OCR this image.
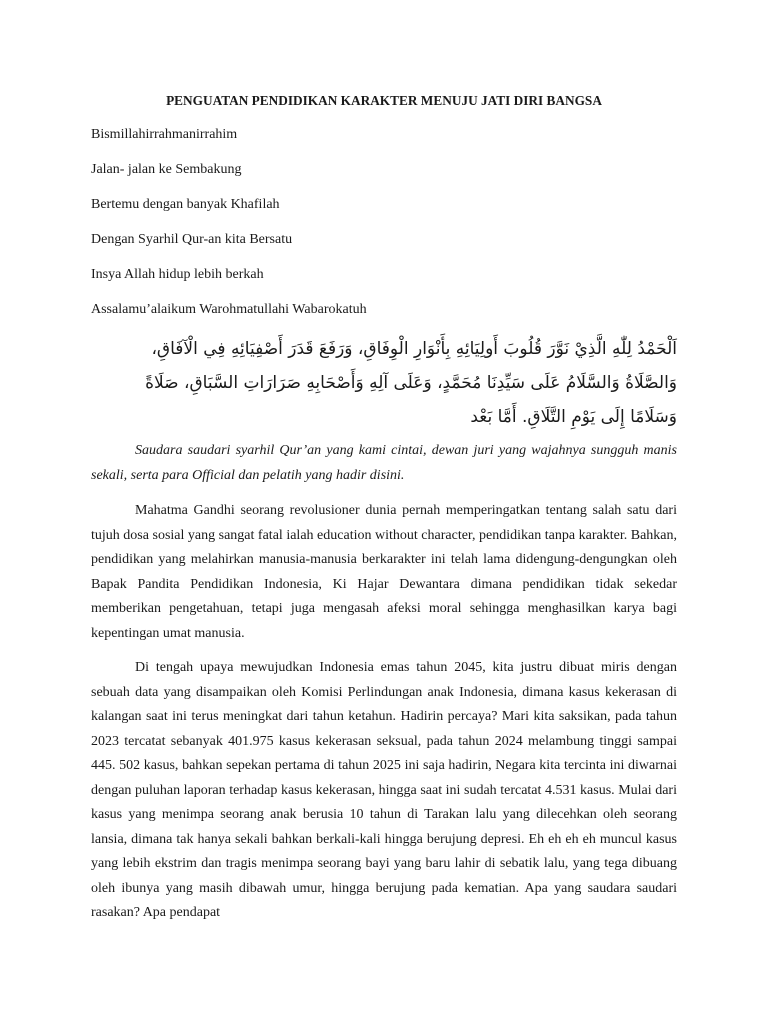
PENGUATAN PENDIDIKAN KARAKTER MENUJU JATI DIRI BANGSA
Bismillahirrahmanirrahim
Jalan- jalan ke Sembakung
Bertemu dengan banyak Khafilah
Dengan Syarhil Qur-an kita Bersatu
Insya Allah hidup lebih berkah
Assalamu’alaikum Warohmatullahi Wabarokatuh
اَلْحَمْدُ لِلّٰهِ الَّذِيْ نَوَّرَ قُلُوبَ أَولِيَائِهِ بِأَنْوَارِ الْوِفَاقِ، وَرَفَعَ قَدَرَ أَصْفِيَائِهِ فِي الْآفَاقِ،
وَالصَّلَاةُ وَالسَّلَامُ عَلَى سَيِّدِنَا مُحَمَّدٍ، وَعَلَى آلِهِ وَأَصْحَابِهِ صَرَارَاتِ السَّبَاقِ، صَلَاةً
وَسَلَامًا إِلَى يَوْمِ التَّلَاقِ. أَمَّا بَعْد
Saudara saudari syarhil Qur’an yang kami cintai, dewan juri yang wajahnya sungguh manis sekali, serta para Official dan pelatih yang hadir disini.
Mahatma Gandhi seorang revolusioner dunia pernah memperingatkan tentang salah satu dari tujuh dosa sosial yang sangat fatal ialah education without character, pendidikan tanpa karakter. Bahkan, pendidikan yang melahirkan manusia-manusia berkarakter ini telah lama didengung-dengungkan oleh Bapak Pandita Pendidikan Indonesia, Ki Hajar Dewantara dimana pendidikan tidak sekedar memberikan pengetahuan, tetapi juga mengasah afeksi moral sehingga menghasilkan karya bagi kepentingan umat manusia.
Di tengah upaya mewujudkan Indonesia emas tahun 2045, kita justru dibuat miris dengan sebuah data yang disampaikan oleh Komisi Perlindungan anak Indonesia, dimana kasus kekerasan di kalangan saat ini terus meningkat dari tahun ketahun. Hadirin percaya? Mari kita saksikan, pada tahun 2023 tercatat sebanyak 401.975 kasus kekerasan seksual, pada tahun 2024 melambung tinggi sampai 445. 502 kasus, bahkan sepekan pertama di tahun 2025 ini saja hadirin, Negara kita tercinta ini diwarnai dengan puluhan laporan terhadap kasus kekerasan, hingga saat ini sudah tercatat 4.531 kasus. Mulai dari kasus yang menimpa seorang anak berusia 10 tahun di Tarakan lalu yang dilecehkan oleh seorang lansia, dimana tak hanya sekali bahkan berkali-kali hingga berujung depresi. Eh eh eh eh muncul kasus yang lebih ekstrim dan tragis menimpa seorang bayi yang baru lahir di sebatik lalu, yang tega dibuang oleh ibunya yang masih dibawah umur, hingga berujung pada kematian. Apa yang saudara saudari rasakan? Apa pendapat
